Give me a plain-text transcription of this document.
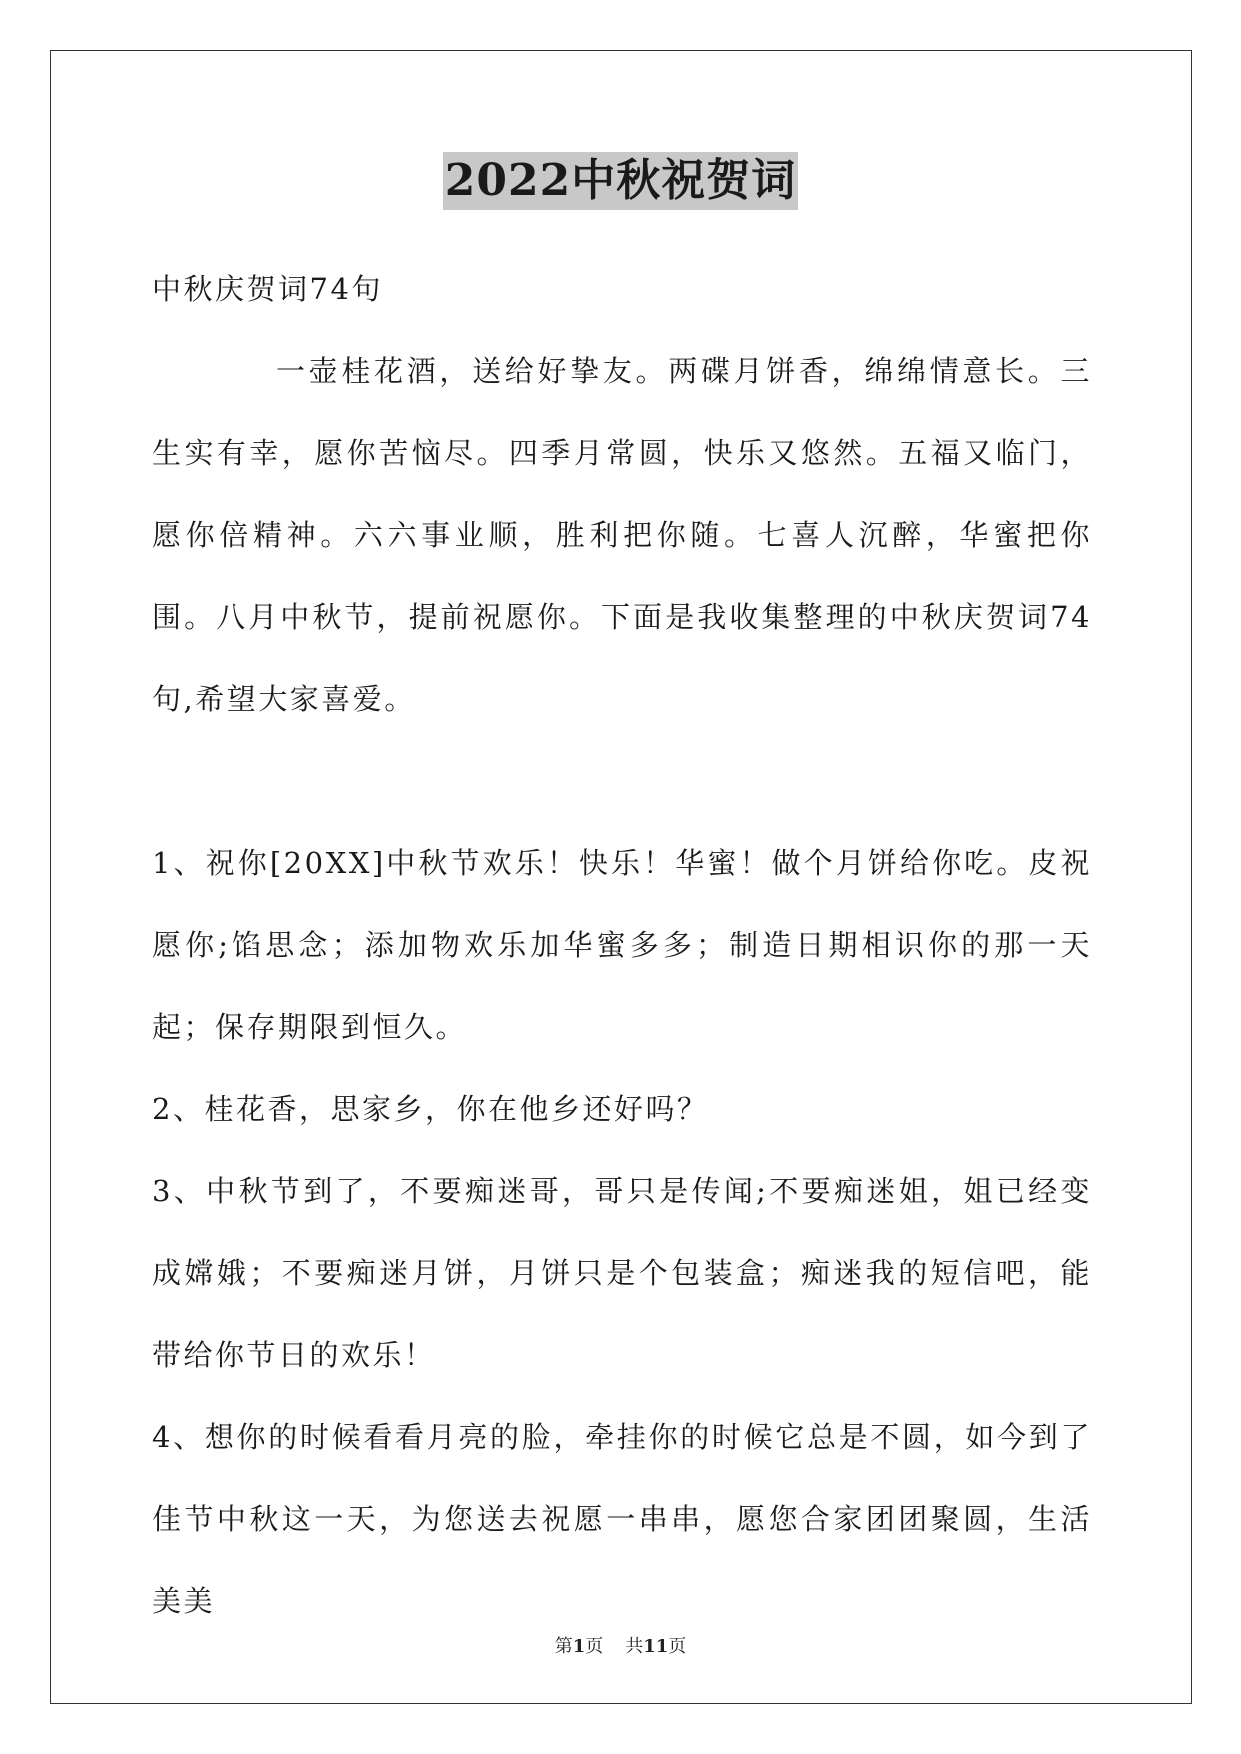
2022中秋祝贺词

中秋庆贺词74句

一壶桂花酒，送给好挚友。两碟月饼香，绵绵情意长。三生实有幸，愿你苦恼尽。四季月常圆，快乐又悠然。五福又临门，愿你倍精神。六六事业顺，胜利把你随。七喜人沉醉，华蜜把你围。八月中秋节，提前祝愿你。下面是我收集整理的中秋庆贺词74句,希望大家喜爱。

1、祝你[20XX]中秋节欢乐！快乐！华蜜！做个月饼给你吃。皮祝愿你;馅思念；添加物欢乐加华蜜多多；制造日期相识你的那一天起；保存期限到恒久。

2、桂花香，思家乡，你在他乡还好吗？

3、中秋节到了，不要痴迷哥，哥只是传闻;不要痴迷姐，姐已经变成嫦娥；不要痴迷月饼，月饼只是个包装盒；痴迷我的短信吧，能带给你节日的欢乐！

4、想你的时候看看月亮的脸，牵挂你的时候它总是不圆，如今到了佳节中秋这一天，为您送去祝愿一串串，愿您合家团团聚圆，生活美美

第1页 共11页
